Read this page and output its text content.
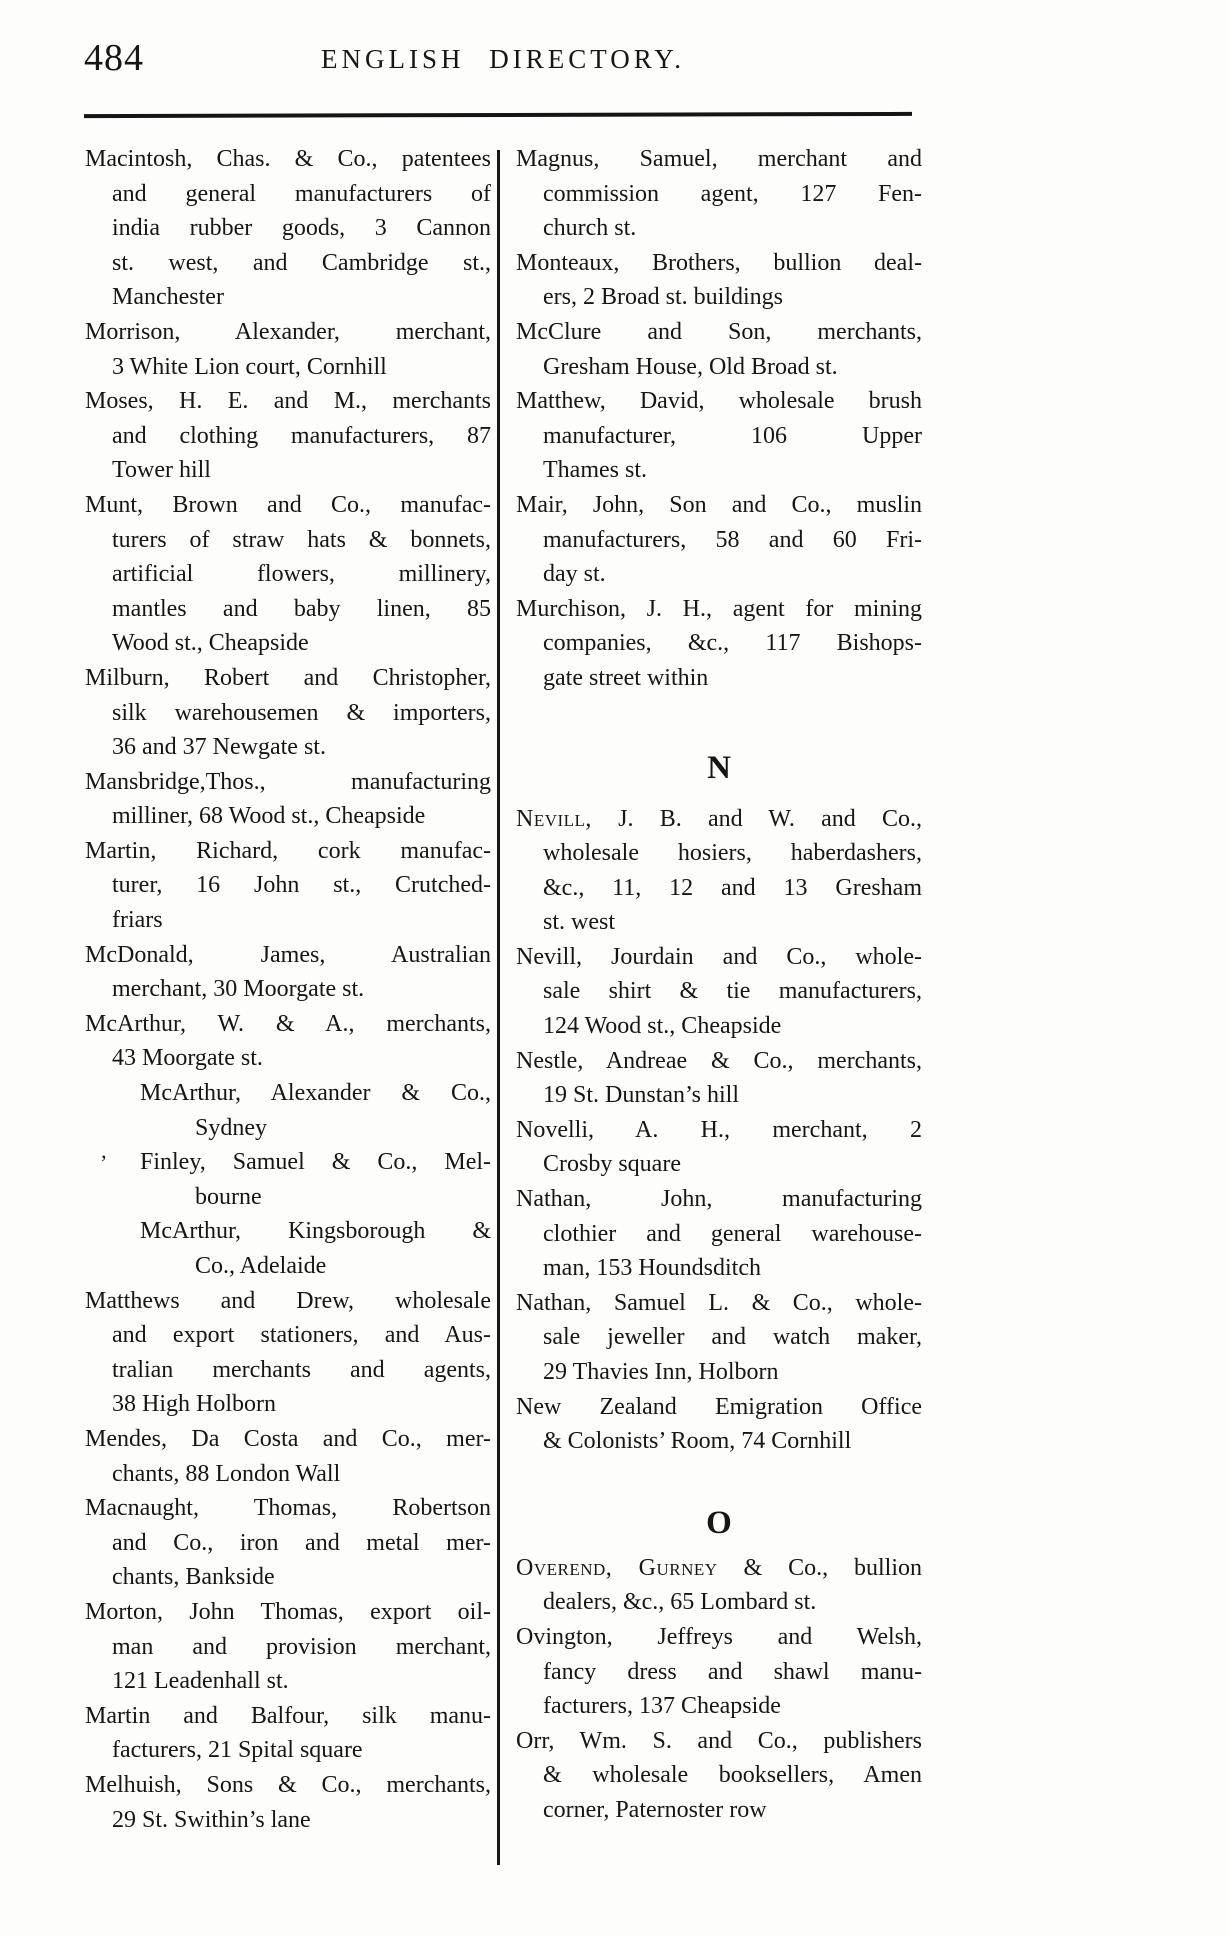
484	ENGLISH DIRECTORY.
Macintosh, Chas. & Co., patentees
and general manufacturers of
india rubber goods, 3 Cannon
st. west, and Cambridge st.,
Manchester
Morrison, Alexander, merchant,
3 White Lion court, Cornhill
Moses, H. E. and M., merchants
and clothing manufacturers, 87
Tower hill
Munt, Brown and Co., manufac-
turers of straw hats & bonnets,
artificial flowers, millinery,
mantles and baby linen, 85
Wood st., Cheapside
Milburn, Robert and Christopher,
silk warehousemen & importers,
36 and 37 Newgate st.
Mansbridge,Thos., manufacturing
milliner, 68 Wood st., Cheapside
Martin, Richard, cork manufac-
turer, 16 John st., Crutched-
friars
McDonald, James, Australian
merchant, 30 Moorgate st.
McArthur, W. & A., merchants,
43 Moorgate st.
McArthur, Alexander & Co.,
Sydney
Finley, Samuel & Co., Mel-
bourne
McArthur, Kingsborough &
Co., Adelaide
Matthews and Drew, wholesale
and export stationers, and Aus-
tralian merchants and agents,
38 High Holborn
Mendes, Da Costa and Co., mer-
chants, 88 London Wall
Macnaught, Thomas, Robertson
and Co., iron and metal mer-
chants, Bankside
Morton, John Thomas, export oil-
man and provision merchant,
121 Leadenhall st.
Martin and Balfour, silk manu-
facturers, 21 Spital square
Melhuish, Sons & Co., merchants,
29 St. Swithin’s lane
Magnus, Samuel, merchant and
commission agent, 127 Fen-
church st.
Monteaux, Brothers, bullion deal-
ers, 2 Broad st. buildings
McClure and Son, merchants,
Gresham House, Old Broad st.
Matthew, David, wholesale brush
manufacturer, 106 Upper
Thames st.
Mair, John, Son and Co., muslin
manufacturers, 58 and 60 Fri-
day st.
Murchison, J. H., agent for mining
companies, &c., 117 Bishops-
gate street within
N
Nevill, J. B. and W. and Co.,
wholesale hosiers, haberdashers,
&c., 11, 12 and 13 Gresham
st. west
Nevill, Jourdain and Co., whole-
sale shirt & tie manufacturers,
124 Wood st., Cheapside
Nestle, Andreae & Co., merchants,
19 St. Dunstan’s hill
Novelli, A. H., merchant, 2
Crosby square
Nathan, John, manufacturing
clothier and general warehouse-
man, 153 Houndsditch
Nathan, Samuel L. & Co., whole-
sale jeweller and watch maker,
29 Thavies Inn, Holborn
New Zealand Emigration Office
& Colonists’ Room, 74 Cornhill
O
Overend, Gurney & Co., bullion
dealers, &c., 65 Lombard st.
Ovington, Jeffreys and Welsh,
fancy dress and shawl manu-
facturers, 137 Cheapside
Orr, Wm. S. and Co., publishers
& wholesale booksellers, Amen
corner, Paternoster row
’
